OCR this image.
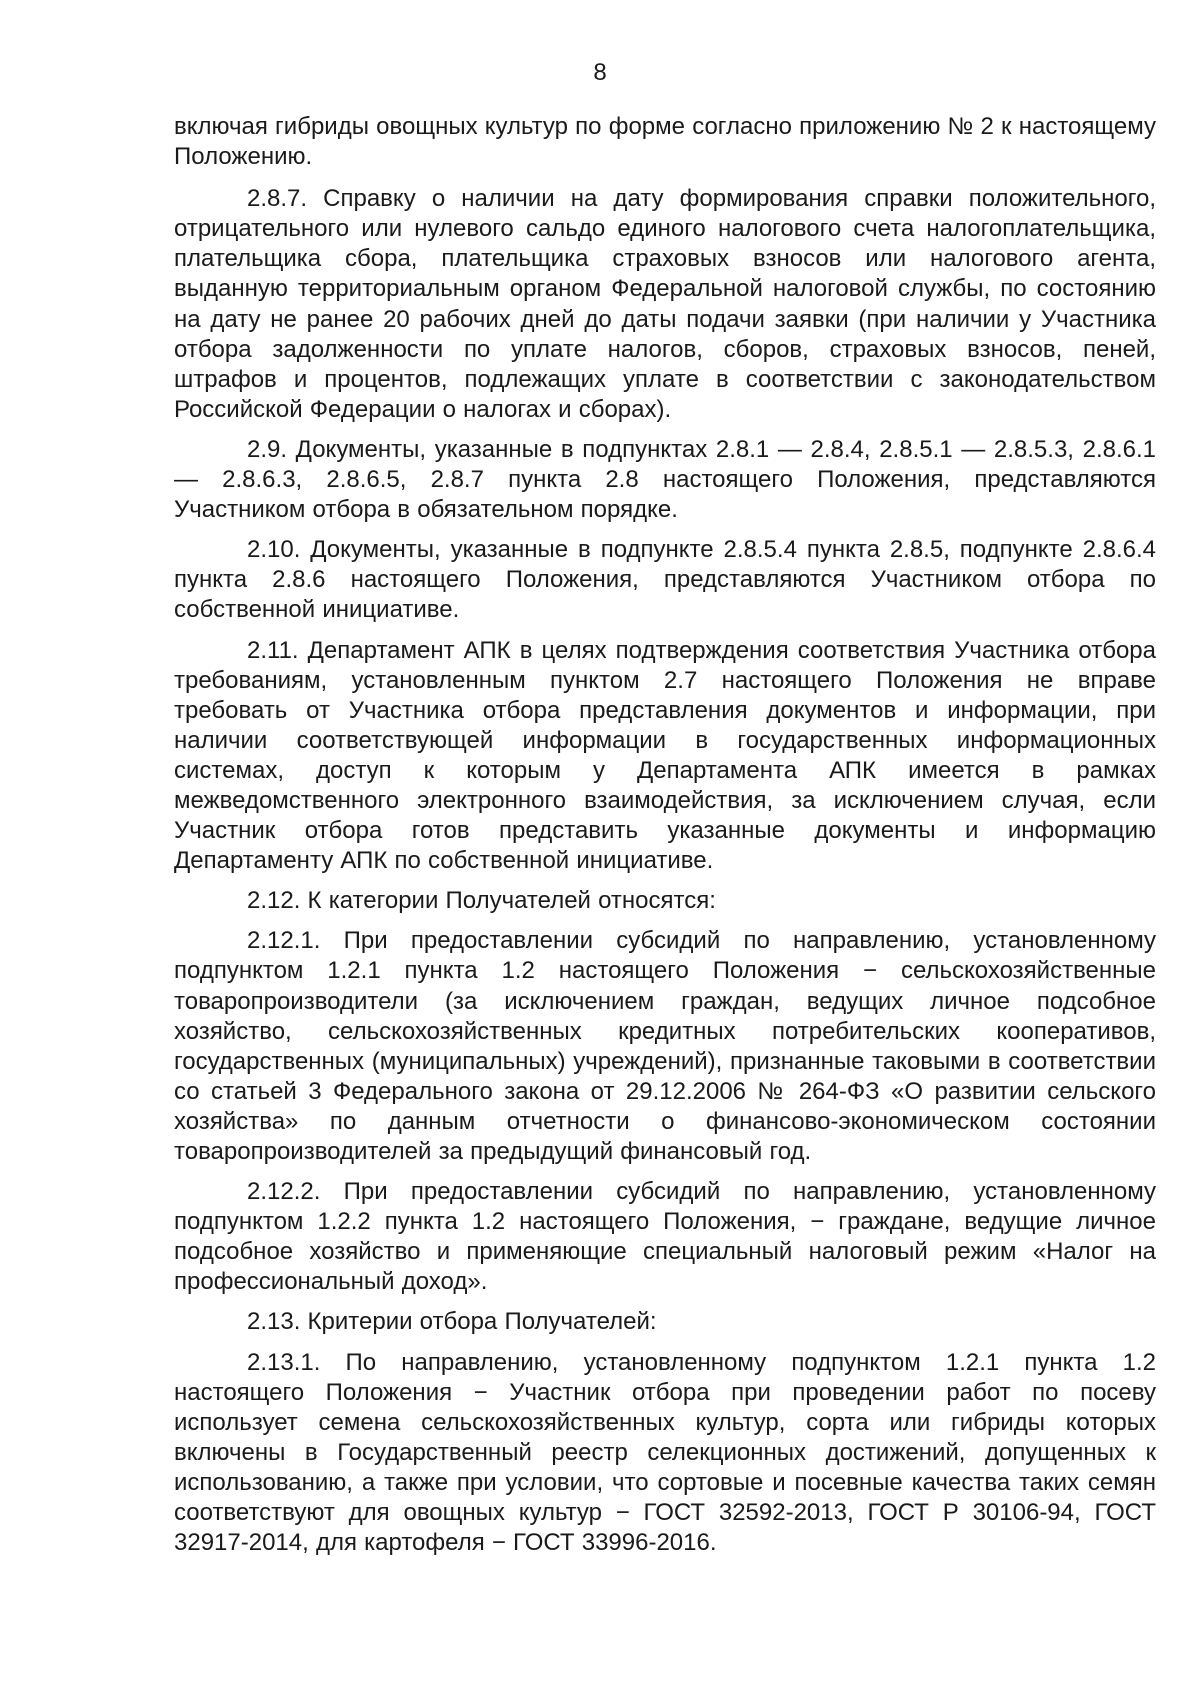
8

включая гибриды овощных культур по форме согласно приложению № 2 к настоящему Положению.

2.8.7. Справку о наличии на дату формирования справки положительного, отрицательного или нулевого сальдо единого налогового счета налогоплательщика, плательщика сбора, плательщика страховых взносов или налогового агента, выданную территориальным органом Федеральной налоговой службы, по состоянию на дату не ранее 20 рабочих дней до даты подачи заявки (при наличии у Участника отбора задолженности по уплате налогов, сборов, страховых взносов, пеней, штрафов и процентов, подлежащих уплате в соответствии с законодательством Российской Федерации о налогах и сборах).

2.9. Документы, указанные в подпунктах 2.8.1 — 2.8.4, 2.8.5.1 — 2.8.5.3, 2.8.6.1 — 2.8.6.3, 2.8.6.5, 2.8.7 пункта 2.8 настоящего Положения, представляются Участником отбора в обязательном порядке.

2.10. Документы, указанные в подпункте 2.8.5.4 пункта 2.8.5, подпункте 2.8.6.4 пункта 2.8.6 настоящего Положения, представляются Участником отбора по собственной инициативе.

2.11. Департамент АПК в целях подтверждения соответствия Участника отбора требованиям, установленным пунктом 2.7 настоящего Положения не вправе требовать от Участника отбора представления документов и информации, при наличии соответствующей информации в государственных информационных системах, доступ к которым у Департамента АПК имеется в рамках межведомственного электронного взаимодействия, за исключением случая, если Участник отбора готов представить указанные документы и информацию Департаменту АПК по собственной инициативе.

2.12. К категории Получателей относятся:

2.12.1. При предоставлении субсидий по направлению, установленному подпунктом 1.2.1 пункта 1.2 настоящего Положения − сельскохозяйственные товаропроизводители (за исключением граждан, ведущих личное подсобное хозяйство, сельскохозяйственных кредитных потребительских кооперативов, государственных (муниципальных) учреждений), признанные таковыми в соответствии со статьей 3 Федерального закона от 29.12.2006 № 264-ФЗ «О развитии сельского хозяйства» по данным отчетности о финансово-экономическом состоянии товаропроизводителей за предыдущий финансовый год.

2.12.2. При предоставлении субсидий по направлению, установленному подпунктом 1.2.2 пункта 1.2 настоящего Положения, − граждане, ведущие личное подсобное хозяйство и применяющие специальный налоговый режим «Налог на профессиональный доход».

2.13. Критерии отбора Получателей:

2.13.1. По направлению, установленному подпунктом 1.2.1 пункта 1.2 настоящего Положения − Участник отбора при проведении работ по посеву использует семена сельскохозяйственных культур, сорта или гибриды которых включены в Государственный реестр селекционных достижений, допущенных к использованию, а также при условии, что сортовые и посевные качества таких семян соответствуют для овощных культур − ГОСТ 32592-2013, ГОСТ Р 30106-94, ГОСТ 32917-2014, для картофеля − ГОСТ 33996-2016.
